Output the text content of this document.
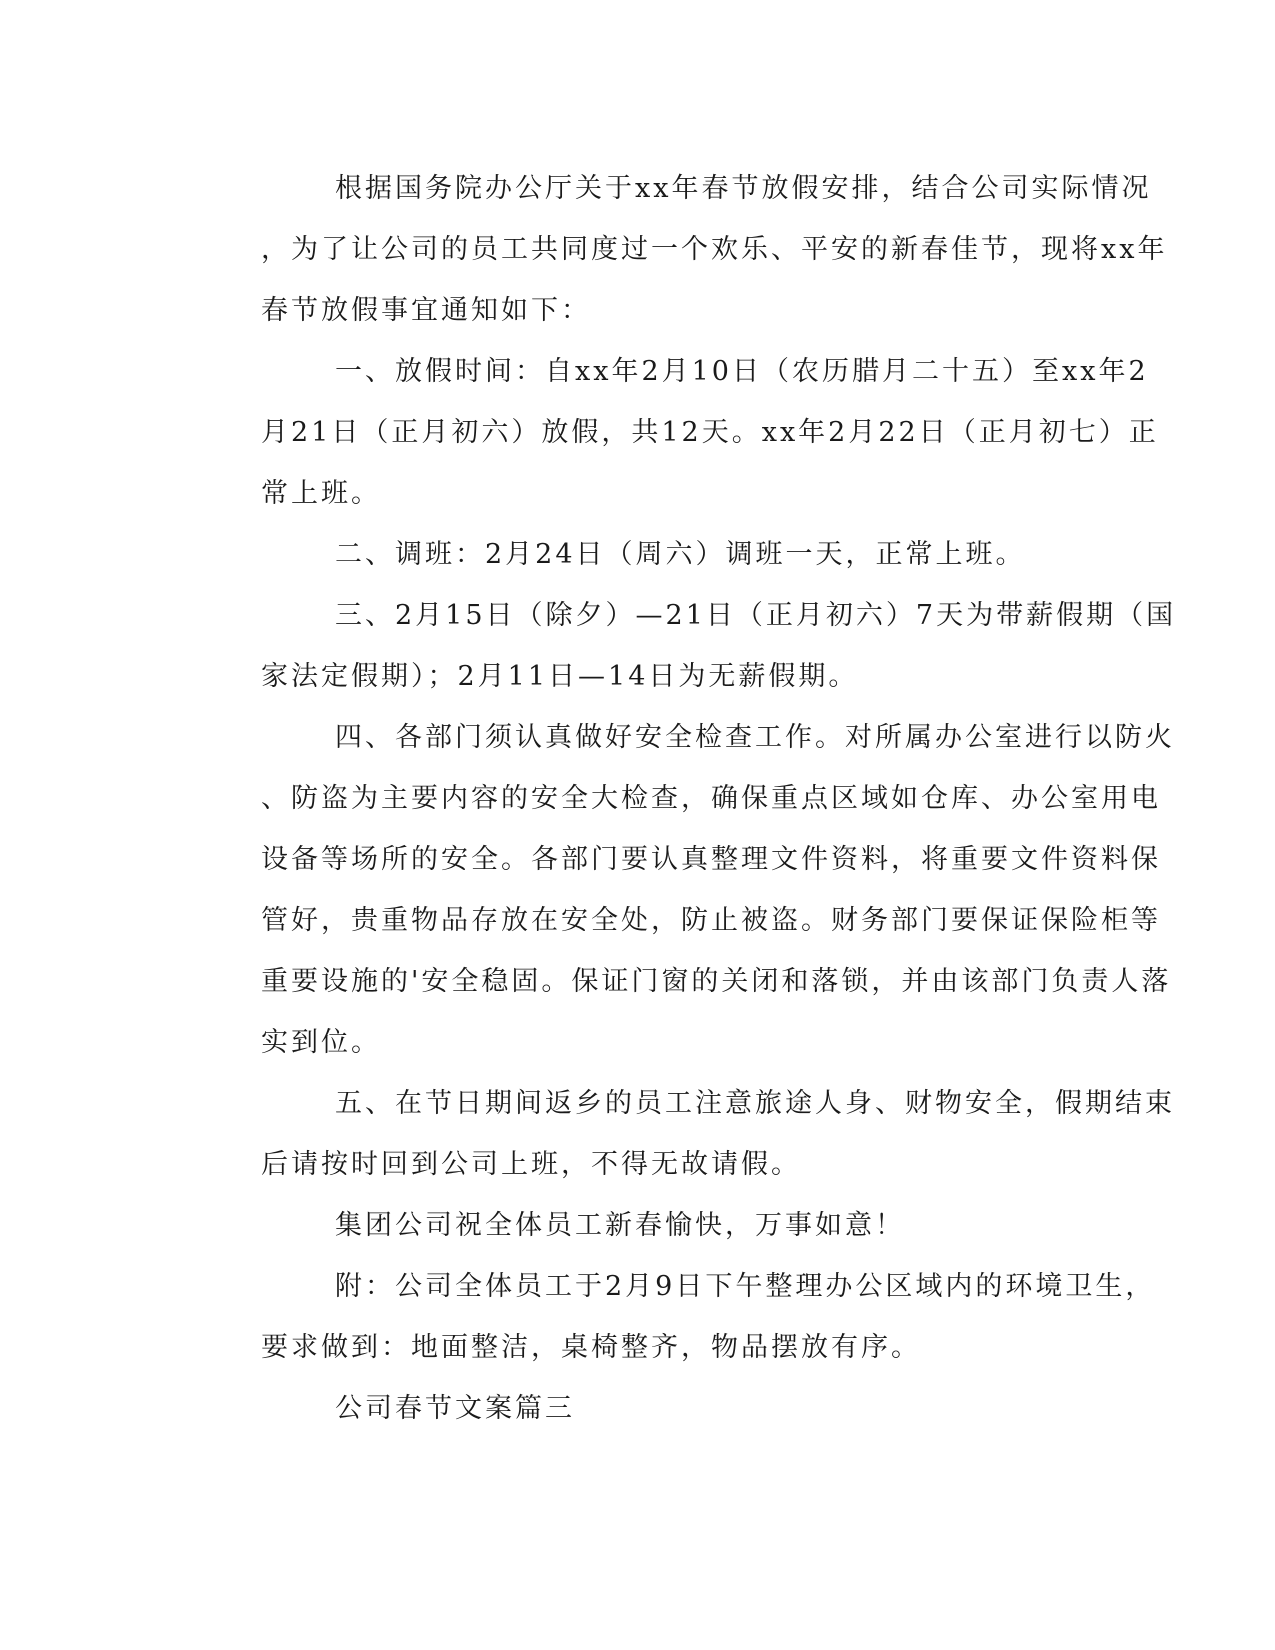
根据国务院办公厅关于xx年春节放假安排，结合公司实际情况
，为了让公司的员工共同度过一个欢乐、平安的新春佳节，现将xx年
春节放假事宜通知如下：
一、放假时间：自xx年2月10日（农历腊月二十五）至xx年2
月21日（正月初六）放假，共12天。xx年2月22日（正月初七）正
常上班。
二、调班：2月24日（周六）调班一天，正常上班。
三、2月15日（除夕）—21日（正月初六）7天为带薪假期（国
家法定假期）；2月11日—14日为无薪假期。
四、各部门须认真做好安全检查工作。对所属办公室进行以防火
、防盗为主要内容的安全大检查，确保重点区域如仓库、办公室用电
设备等场所的安全。各部门要认真整理文件资料，将重要文件资料保
管好，贵重物品存放在安全处，防止被盗。财务部门要保证保险柜等
重要设施的'安全稳固。保证门窗的关闭和落锁，并由该部门负责人落
实到位。
五、在节日期间返乡的员工注意旅途人身、财物安全，假期结束
后请按时回到公司上班，不得无故请假。
集团公司祝全体员工新春愉快，万事如意！
附：公司全体员工于2月9日下午整理办公区域内的环境卫生，
要求做到：地面整洁，桌椅整齐，物品摆放有序。
公司春节文案篇三
